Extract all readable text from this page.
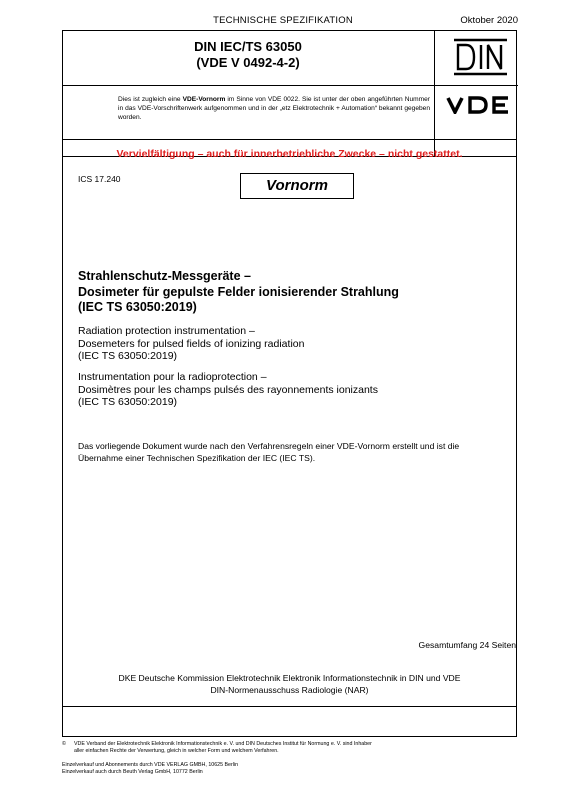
TECHNISCHE SPEZIFIKATION	Oktober 2020
DIN IEC/TS 63050
(VDE V 0492-4-2)
Dies ist zugleich eine VDE-Vornorm im Sinne von VDE 0022. Sie ist unter der oben angeführten Nummer in das VDE-Vorschriftenwerk aufgenommen und in der „etz Elektrotechnik + Automation“ bekannt gegeben worden.
Vervielfältigung – auch für innerbetriebliche Zwecke – nicht gestattet.
ICS 17.240	Vornorm
Strahlenschutz-Messgeräte –
Dosimeter für gepulste Felder ionisierender Strahlung
(IEC TS 63050:2019)
Radiation protection instrumentation –
Dosemeters for pulsed fields of ionizing radiation
(IEC TS 63050:2019)
Instrumentation pour la radioprotection –
Dosimètres pour les champs pulsés des rayonnements ionizants
(IEC TS 63050:2019)
Das vorliegende Dokument wurde nach den Verfahrensregeln einer VDE-Vornorm erstellt und ist die
Übernahme einer Technischen Spezifikation der IEC (IEC TS).
Gesamtumfang 24 Seiten
DKE Deutsche Kommission Elektrotechnik Elektronik Informationstechnik in DIN und VDE
DIN-Normenausschuss Radiologie (NAR)
© VDE Verband der Elektrotechnik Elektronik Informationstechnik e. V. und DIN Deutsches Institut für Normung e. V. sind Inhaber
aller einfachen Rechte der Verwertung, gleich in welcher Form und welchem Verfahren.
Einzelverkauf und Abonnements durch VDE VERLAG GMBH, 10625 Berlin
Einzelverkauf auch durch Beuth Verlag GmbH, 10772 Berlin
